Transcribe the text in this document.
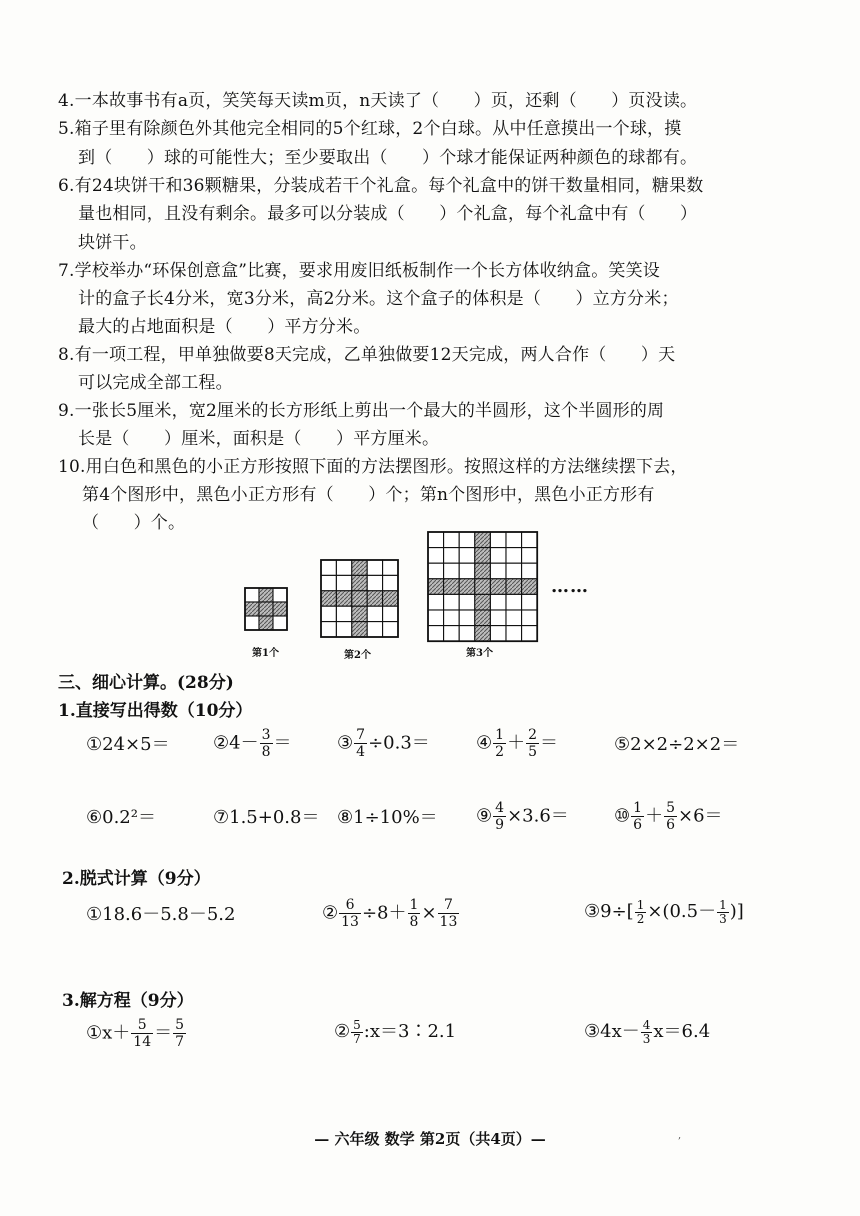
4.一本故事书有a页，笑笑每天读m页，n天读了（　　）页，还剩（　　）页没读。
5.箱子里有除颜色外其他完全相同的5个红球，2个白球。从中任意摸出一个球，摸
到（　　）球的可能性大；至少要取出（　　）个球才能保证两种颜色的球都有。
6.有24块饼干和36颗糖果，分装成若干个礼盒。每个礼盒中的饼干数量相同，糖果数
量也相同，且没有剩余。最多可以分装成（　　）个礼盒，每个礼盒中有（　　）
块饼干。
7.学校举办“环保创意盒”比赛，要求用废旧纸板制作一个长方体收纳盒。笑笑设
计的盒子长4分米，宽3分米，高2分米。这个盒子的体积是（　　）立方分米；
最大的占地面积是（　　）平方分米。
8.有一项工程，甲单独做要8天完成，乙单独做要12天完成，两人合作（　　）天
可以完成全部工程。
9.一张长5厘米，宽2厘米的长方形纸上剪出一个最大的半圆形，这个半圆形的周
长是（　　）厘米，面积是（　　）平方厘米。
10.用白色和黑色的小正方形按照下面的方法摆图形。按照这样的方法继续摆下去，
第4个图形中，黑色小正方形有（　　）个；第n个图形中，黑色小正方形有
（　　）个。
第1个	第2个	第3个
……
三、细心计算。(28分)
1.直接写出得数（10分）
①24×5＝ ②4－ $\frac{3}{8}$ ＝	③ $\frac{7}{4} \div 0.3=$	④ $\frac{1}{2} + \frac{2}{5}$ ＝	⑤2×2÷2×2＝
⑥0.2²＝	⑦1.5+0.8＝ ⑧1÷10%＝ ⑨ $\frac{4}{9} \times 3.6=$	⑩ $\frac{1}{6} + \frac{5}{6} \times 6=$
2.脱式计算（9分）
①18.6－5.8－5.2	② $\frac{6}{13} \div 8+ \frac{1}{8} \times \frac{7}{13}$	③9÷[ $\frac{1}{2} \times(0.5- \frac{1}{3}$ )]
3.解方程（9分）
①x＋ $\frac{5}{14} = \frac{5}{7}$	② $\frac{5}{7}$ :x＝3∶2.1	③4x－ $\frac{4}{3} x=6.4$
— 六年级 数学 第2页（共4页）—	,
